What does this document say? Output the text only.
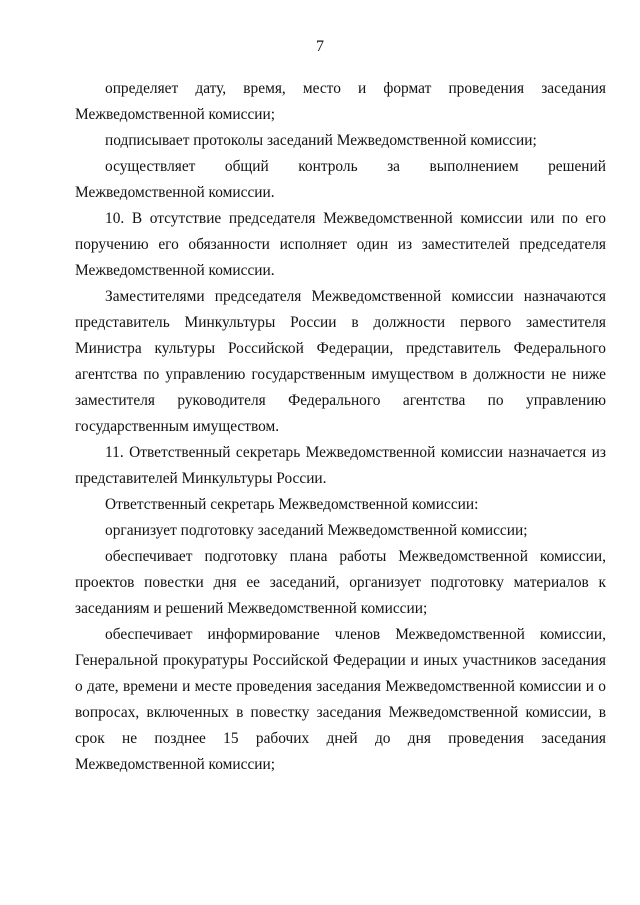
7

определяет дату, время, место и формат проведения заседания Межведомственной комиссии;

подписывает протоколы заседаний Межведомственной комиссии;

осуществляет общий контроль за выполнением решений Межведомственной комиссии.

10. В отсутствие председателя Межведомственной комиссии или по его поручению его обязанности исполняет один из заместителей председателя Межведомственной комиссии.

Заместителями председателя Межведомственной комиссии назначаются представитель Минкультуры России в должности первого заместителя Министра культуры Российской Федерации, представитель Федерального агентства по управлению государственным имуществом в должности не ниже заместителя руководителя Федерального агентства по управлению государственным имуществом.

11. Ответственный секретарь Межведомственной комиссии назначается из представителей Минкультуры России.

Ответственный секретарь Межведомственной комиссии:

организует подготовку заседаний Межведомственной комиссии;

обеспечивает подготовку плана работы Межведомственной комиссии, проектов повестки дня ее заседаний, организует подготовку материалов к заседаниям и решений Межведомственной комиссии;

обеспечивает информирование членов Межведомственной комиссии, Генеральной прокуратуры Российской Федерации и иных участников заседания о дате, времени и месте проведения заседания Межведомственной комиссии и о вопросах, включенных в повестку заседания Межведомственной комиссии, в срок не позднее 15 рабочих дней до дня проведения заседания Межведомственной комиссии;
